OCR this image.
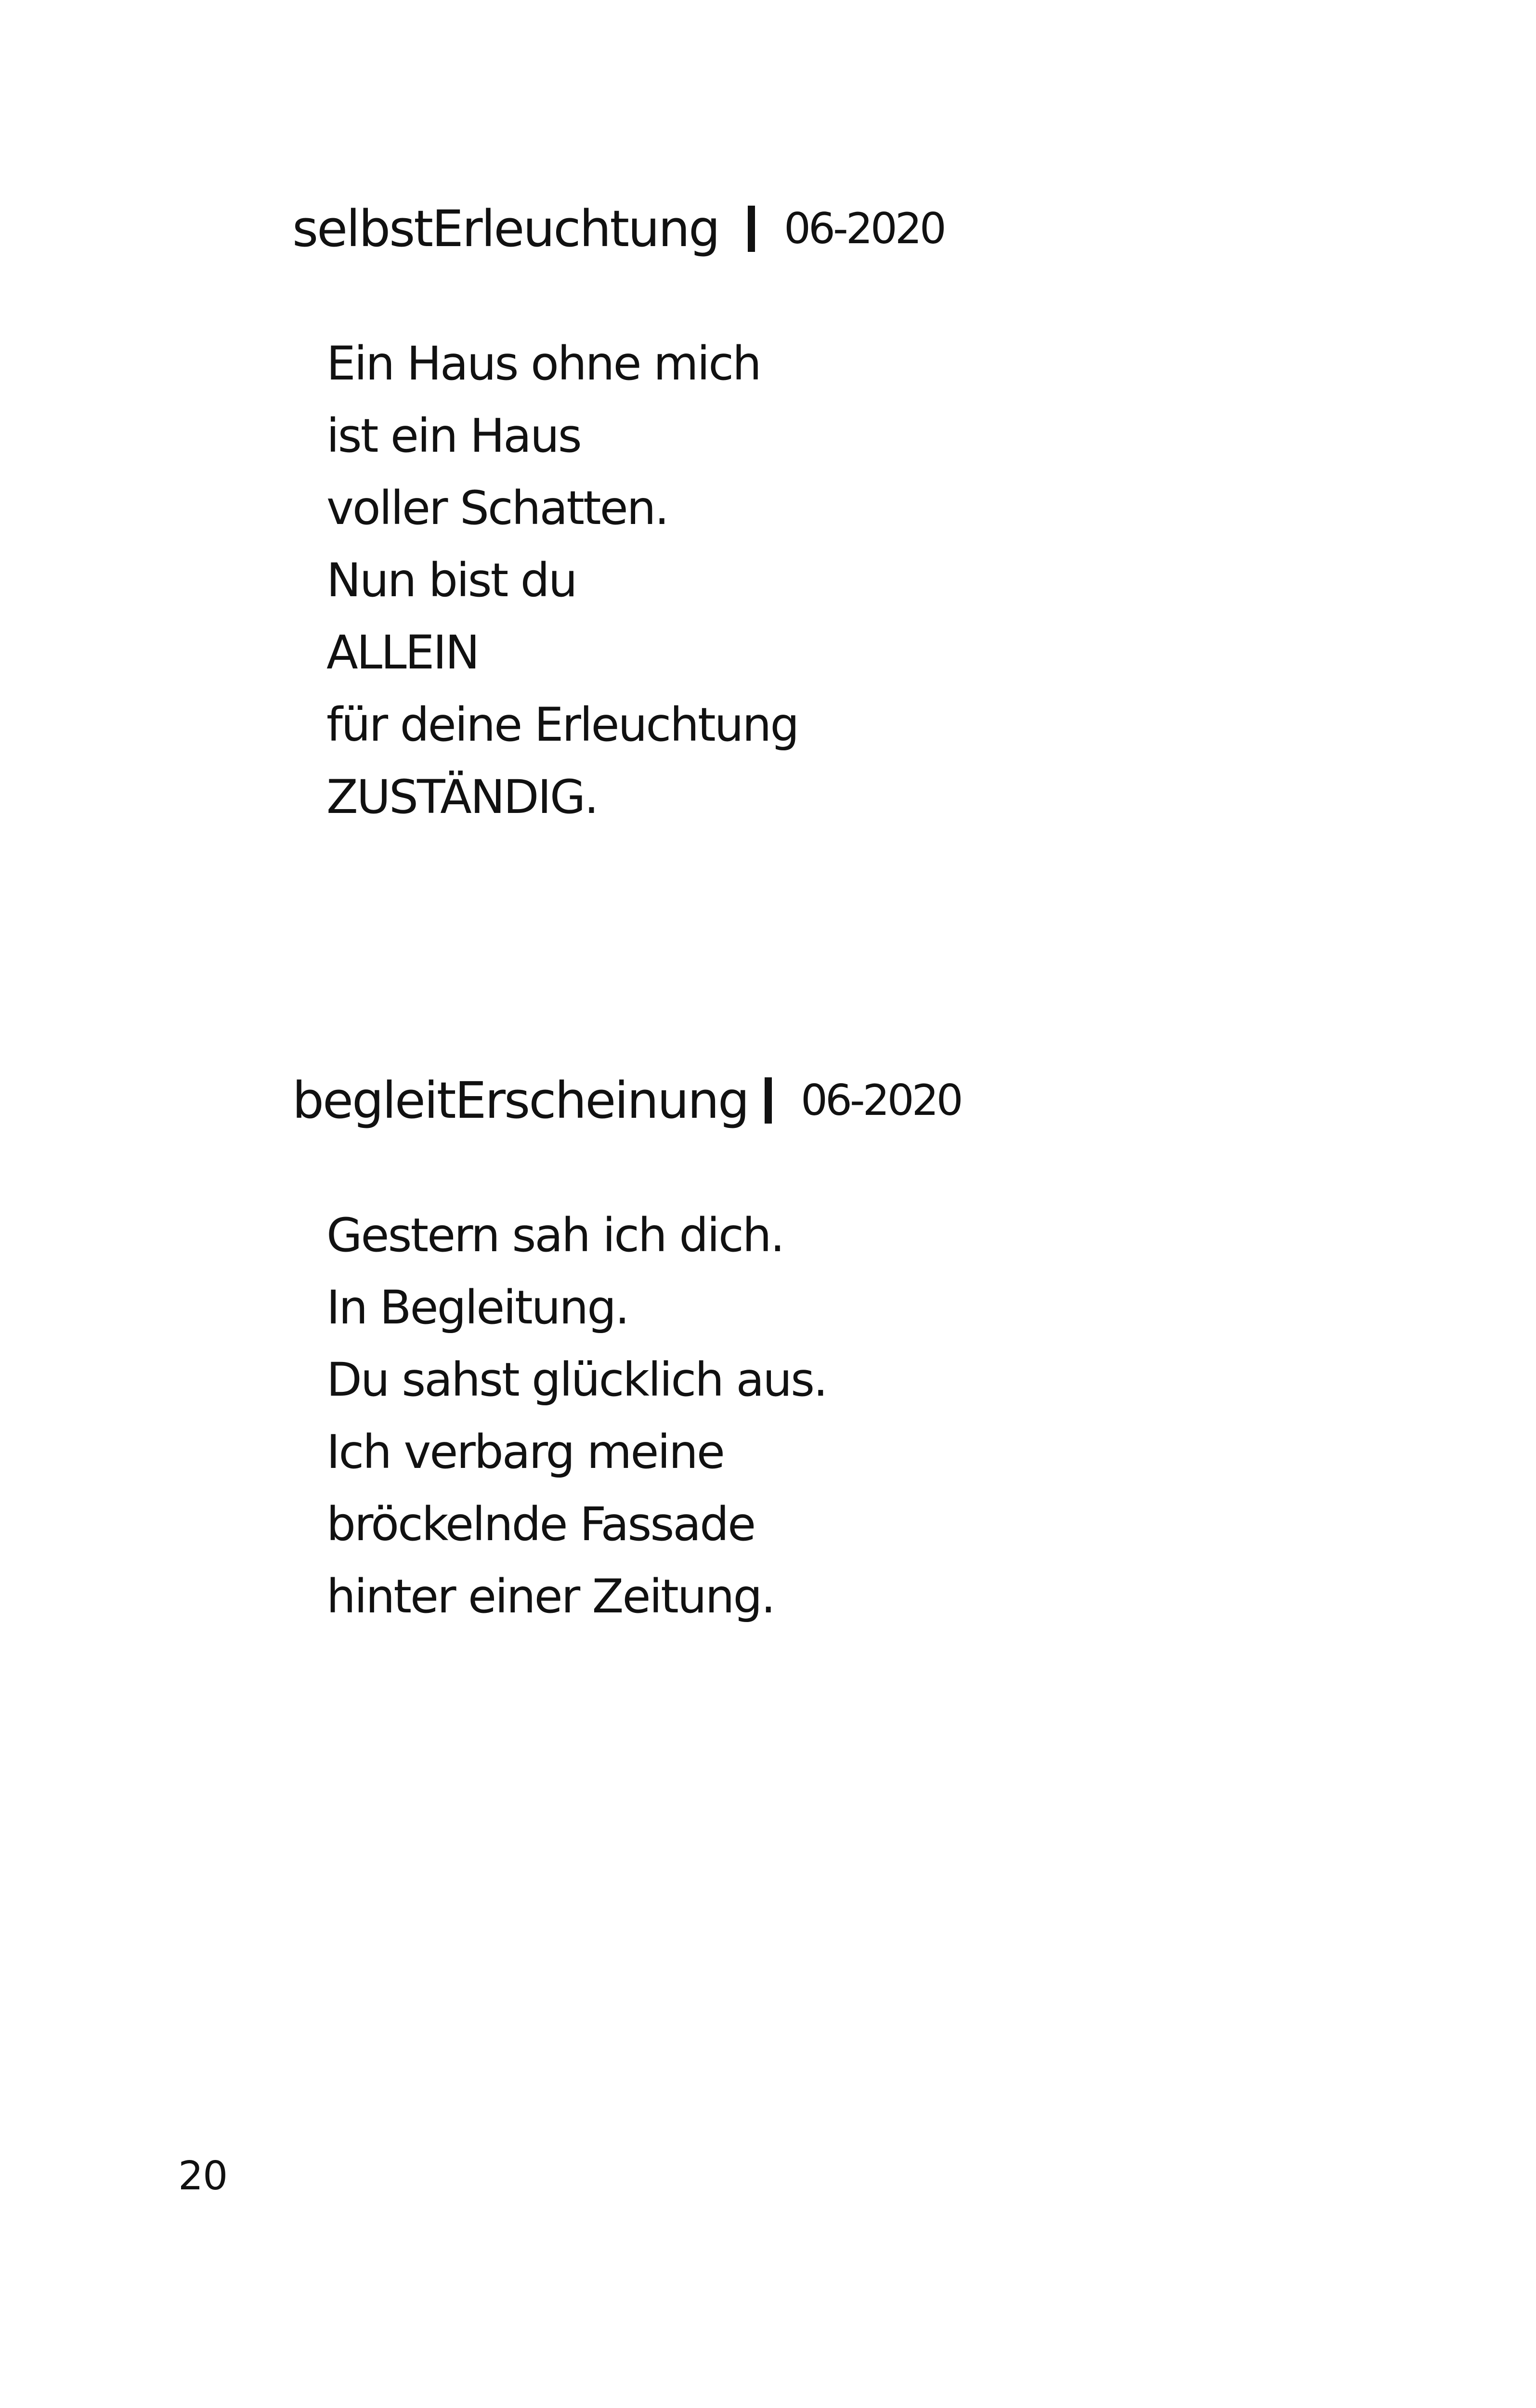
selbstErleuchtung 06-2020
Ein Haus ohne mich
ist ein Haus
voller Schatten.
Nun bist du
ALLEIN
für deine Erleuchtung
ZUSTÄNDIG.
begleitErscheinung 06-2020
Gestern sah ich dich.
In Begleitung.
Du sahst glücklich aus.
Ich verbarg meine
bröckelnde Fassade
hinter einer Zeitung.
20
